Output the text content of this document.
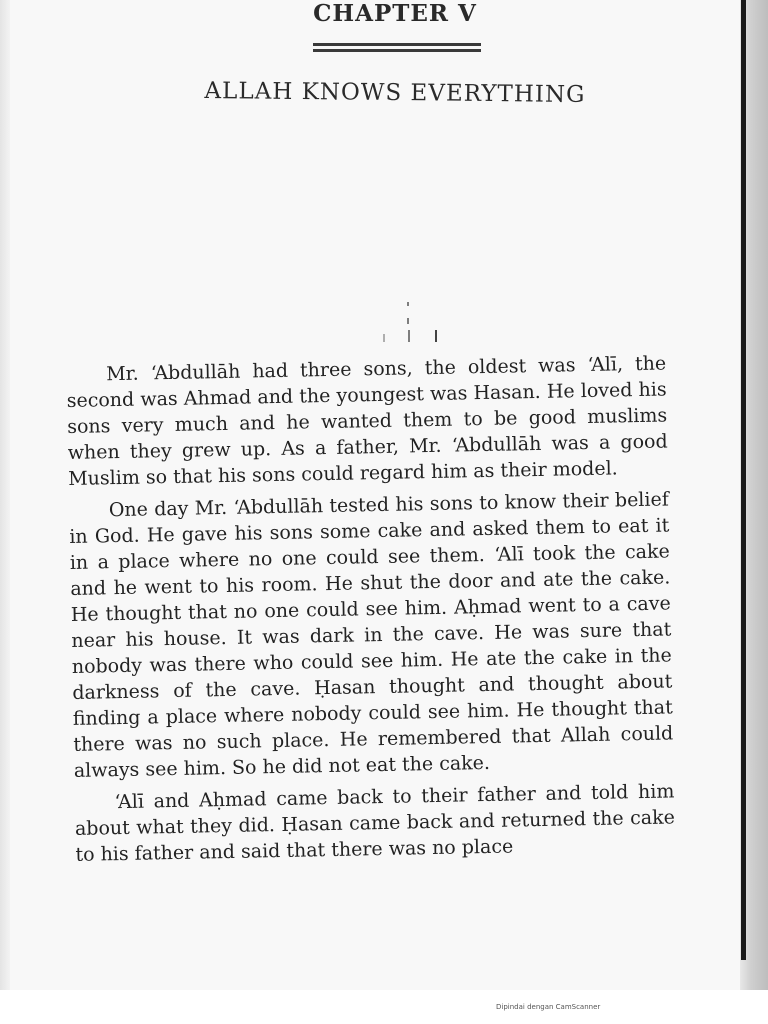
CHAPTER V
ALLAH KNOWS EVERYTHING

Mr. ‘Abdullāh had three sons, the oldest was ‘Alī, the second was Ahmad and the youngest was Hasan. He loved his sons very much and he wanted them to be good muslims when they grew up. As a father, Mr. ‘Abdullāh was a good Muslim so that his sons could regard him as their model.

One day Mr. ‘Abdullāh tested his sons to know their belief in God. He gave his sons some cake and asked them to eat it in a place where no one could see them. ‘Alī took the cake and he went to his room. He shut the door and ate the cake. He thought that no one could see him. Aḥmad went to a cave near his house. It was dark in the cave. He was sure that nobody was there who could see him. He ate the cake in the darkness of the cave. Ḥasan thought and thought about finding a place where nobody could see him. He thought that there was no such place. He remembered that Allah could always see him. So he did not eat the cake.

‘Alī and Aḥmad came back to their father and told him about what they did. Ḥasan came back and returned the cake to his father and said that there was no place

Dipindai dengan CamScanner
